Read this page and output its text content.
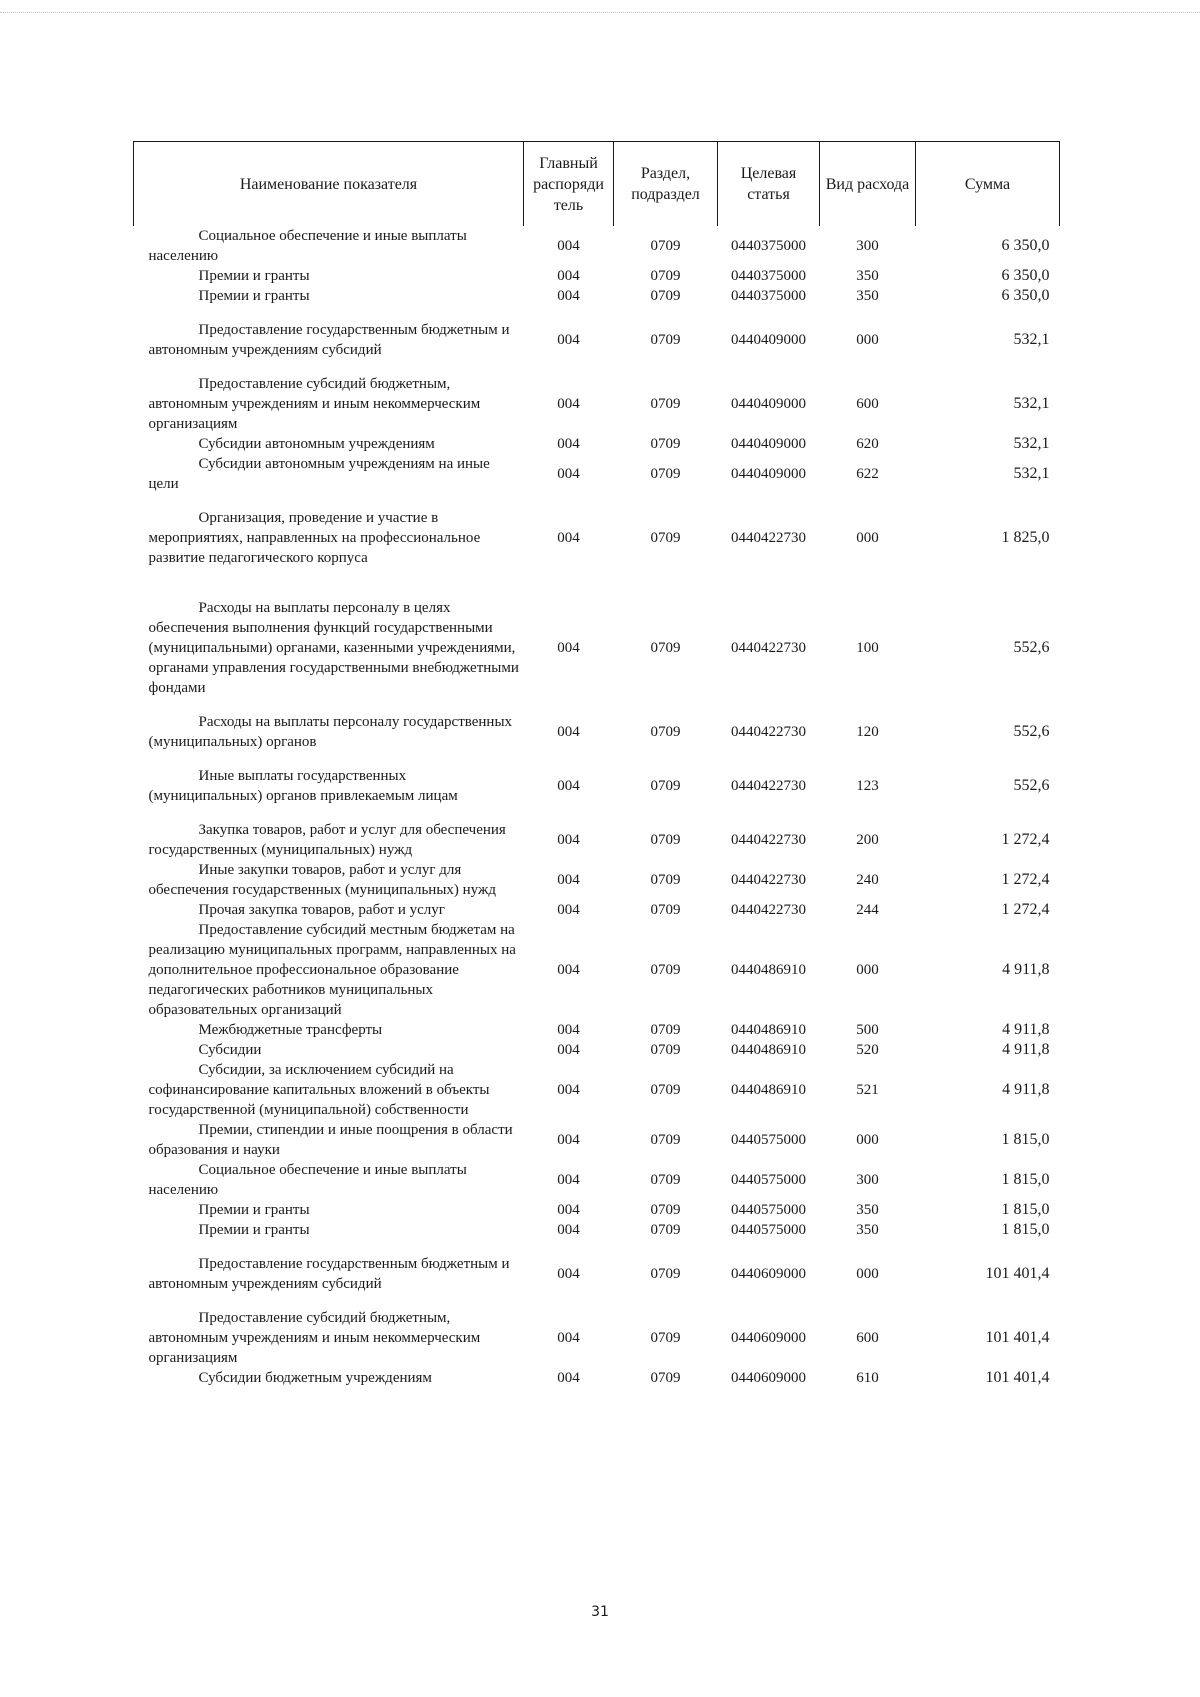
Наименование показателя	Главный распоряди тель	Раздел, подраздел	Целевая статья	Вид расхода	Сумма

Социальное обеспечение и иные выплаты населению	004	0709	0440375000	300	6 350,0

Премии и гранты	004	0709	0440375000	350	6 350,0

Премии и гранты	004	0709	0440375000	350	6 350,0

Предоставление государственным бюджетным и автономным учреждениям субсидий	004	0709	0440409000	000	532,1

Предоставление субсидий бюджетным, автономным учреждениям и иным некоммерческим организациям	004	0709	0440409000	600	532,1

Субсидии автономным учреждениям	004	0709	0440409000	620	532,1

Субсидии автономным учреждениям на иные цели	004	0709	0440409000	622	532,1

Организация, проведение и участие в мероприятиях, направленных на профессиональное развитие педагогического корпуса	004	0709	0440422730	000	1 825,0

Расходы на выплаты персоналу в целях обеспечения выполнения функций государственными (муниципальными) органами, казенными учреждениями, органами управления государственными внебюджетными фондами	004	0709	0440422730	100	552,6

Расходы на выплаты персоналу государственных (муниципальных) органов	004	0709	0440422730	120	552,6

Иные выплаты государственных (муниципальных) органов привлекаемым лицам	004	0709	0440422730	123	552,6

Закупка товаров, работ и услуг для обеспечения государственных (муниципальных) нужд	004	0709	0440422730	200	1 272,4

Иные закупки товаров, работ и услуг для обеспечения государственных (муниципальных) нужд	004	0709	0440422730	240	1 272,4

Прочая закупка товаров, работ и услуг	004	0709	0440422730	244	1 272,4

Предоставление субсидий местным бюджетам на реализацию муниципальных программ, направленных на дополнительное профессиональное образование педагогических работников муниципальных образовательных организаций	004	0709	0440486910	000	4 911,8

Межбюджетные трансферты	004	0709	0440486910	500	4 911,8

Субсидии	004	0709	0440486910	520	4 911,8

Субсидии, за исключением субсидий на софинансирование капитальных вложений в объекты государственной (муниципальной) собственности	004	0709	0440486910	521	4 911,8

Премии, стипендии и иные поощрения в области образования и науки	004	0709	0440575000	000	1 815,0

Социальное обеспечение и иные выплаты населению	004	0709	0440575000	300	1 815,0

Премии и гранты	004	0709	0440575000	350	1 815,0

Премии и гранты	004	0709	0440575000	350	1 815,0

Предоставление государственным бюджетным и автономным учреждениям субсидий	004	0709	0440609000	000	101 401,4

Предоставление субсидий бюджетным, автономным учреждениям и иным некоммерческим организациям	004	0709	0440609000	600	101 401,4

Субсидии бюджетным учреждениям	004	0709	0440609000	610	101 401,4
31
